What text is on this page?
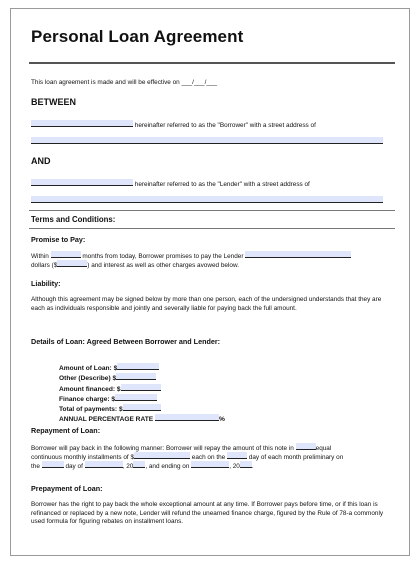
Personal Loan Agreement
This loan agreement is made and will be effective on ___/___/___
BETWEEN
hereinafter referred to as the "Borrower" with a street address of
AND
hereinafter referred to as the "Lender" with a street address of
Terms and Conditions:
Promise to Pay:
Within	months from today, Borrower promises to pay the Lender
dollars ($	) and interest as well as other charges avowed below.
Liability:
Although this agreement may be signed below by more than one person, each of the undersigned understands that they are each as individuals responsible and jointly and severally liable for paying back the full amount.
Details of Loan: Agreed Between Borrower and Lender:
Amount of Loan: $
Other (Describe) $
Amount financed: $
Finance charge: $
Total of payments: $
ANNUAL PERCENTAGE RATE	%
Repayment of Loan:
Borrower will pay back in the following manner: Borrower will repay the amount of this note in	equal
continuous monthly installments of $	each on the	day of each month preliminary on
the	day of	, 20 , and ending on	, 20 .
Prepayment of Loan:
Borrower has the right to pay back the whole exceptional amount at any time. If Borrower pays before time, or if this loan is refinanced or replaced by a new note, Lender will refund the unearned finance charge, figured by the Rule of 78-a commonly used formula for figuring rebates on installment loans.
